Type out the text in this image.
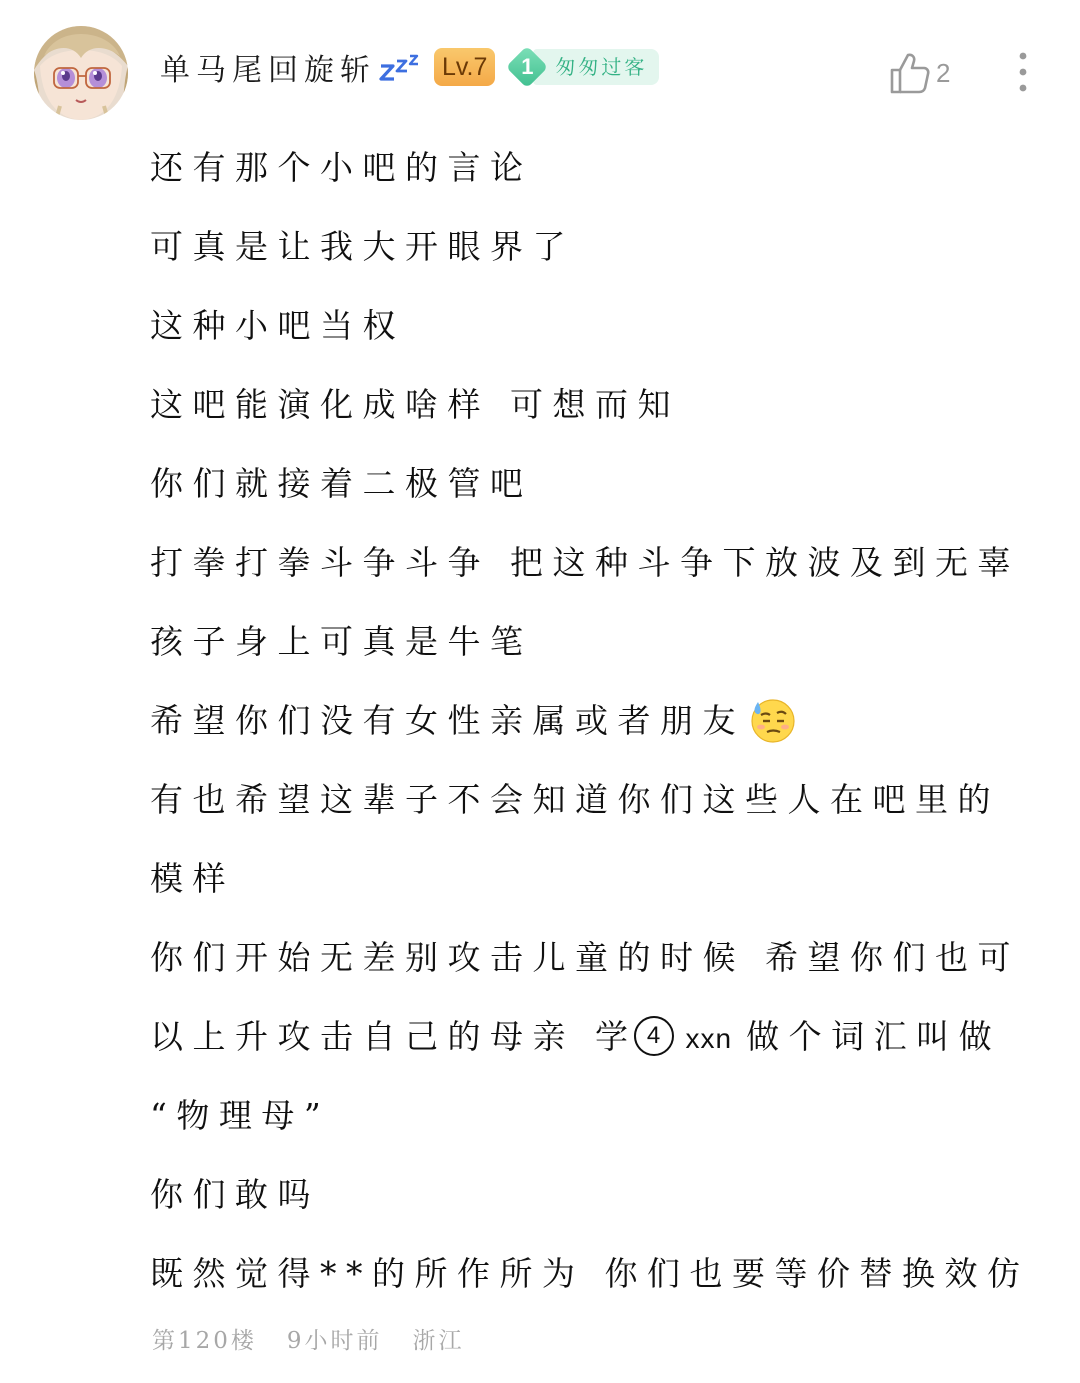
单马尾回旋斩	Lv.7	1	匆匆过客	2
还有那个小吧的言论
可真是让我大开眼界了
这种小吧当权
这吧能演化成啥样 可想而知
你们就接着二极管吧
打拳打拳斗争斗争 把这种斗争下放波及到无辜
孩子身上可真是牛笔
希望你们没有女性亲属或者朋友
有也希望这辈子不会知道你们这些人在吧里的
模样
你们开始无差别攻击儿童的时候 希望你们也可
以上升攻击自己的母亲 学 4 xxn 做个词汇叫做
“物理母”
你们敢吗
既然觉得**的所作所为 你们也要等价替换效仿
第120楼 9小时前 浙江
